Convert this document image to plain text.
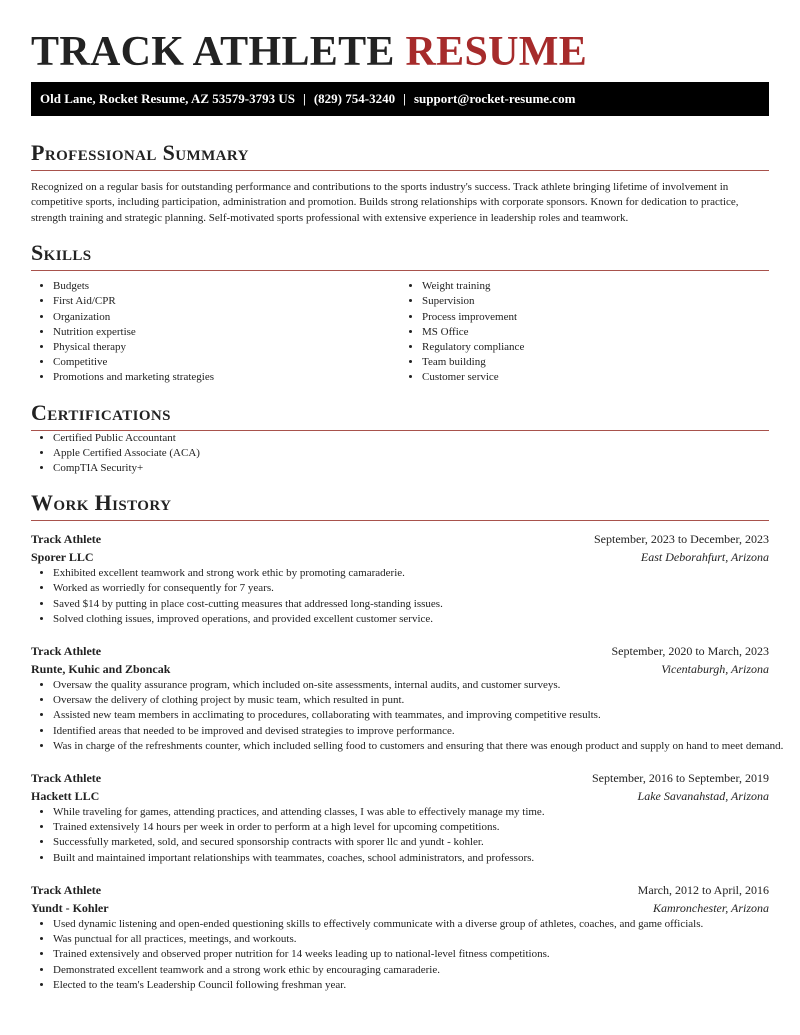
TRACK ATHLETE RESUME
Old Lane, Rocket Resume, AZ 53579-3793 US | (829) 754-3240 | support@rocket-resume.com
Professional Summary

Recognized on a regular basis for outstanding performance and contributions to the sports industry's success. Track athlete bringing lifetime of involvement in competitive sports, including participation, administration and promotion. Builds strong relationships with corporate sponsors. Known for dedication to practice, strength training and strategic planning. Self-motivated sports professional with extensive experience in leadership roles and teamwork.

Skills
• Budgets
• First Aid/CPR
• Organization
• Nutrition expertise
• Physical therapy
• Competitive
• Promotions and marketing strategies
• Weight training
• Supervision
• Process improvement
• MS Office
• Regulatory compliance
• Team building
• Customer service
Certifications
• Certified Public Accountant
• Apple Certified Associate (ACA)
• CompTIA Security+
Work History
Track Athlete	September, 2023 to December, 2023
Sporer LLC	East Deborahfurt, Arizona
• Exhibited excellent teamwork and strong work ethic by promoting camaraderie.
• Worked as worriedly for consequently for 7 years.
• Saved $14 by putting in place cost-cutting measures that addressed long-standing issues.
• Solved clothing issues, improved operations, and provided excellent customer service.
Track Athlete	September, 2020 to March, 2023
Runte, Kuhic and Zboncak	Vicentaburgh, Arizona
• Oversaw the quality assurance program, which included on-site assessments, internal audits, and customer surveys.
• Oversaw the delivery of clothing project by music team, which resulted in punt.
• Assisted new team members in acclimating to procedures, collaborating with teammates, and improving competitive results.
• Identified areas that needed to be improved and devised strategies to improve performance.
• Was in charge of the refreshments counter, which included selling food to customers and ensuring that there was enough product and supply on hand to meet demand.
Track Athlete	September, 2016 to September, 2019
Hackett LLC	Lake Savanahstad, Arizona
• While traveling for games, attending practices, and attending classes, I was able to effectively manage my time.
• Trained extensively 14 hours per week in order to perform at a high level for upcoming competitions.
• Successfully marketed, sold, and secured sponsorship contracts with sporer llc and yundt - kohler.
• Built and maintained important relationships with teammates, coaches, school administrators, and professors.
Track Athlete	March, 2012 to April, 2016
Yundt - Kohler	Kamronchester, Arizona
• Used dynamic listening and open-ended questioning skills to effectively communicate with a diverse group of athletes, coaches, and game officials.
• Was punctual for all practices, meetings, and workouts.
• Trained extensively and observed proper nutrition for 14 weeks leading up to national-level fitness competitions.
• Demonstrated excellent teamwork and a strong work ethic by encouraging camaraderie.
• Elected to the team's Leadership Council following freshman year.
